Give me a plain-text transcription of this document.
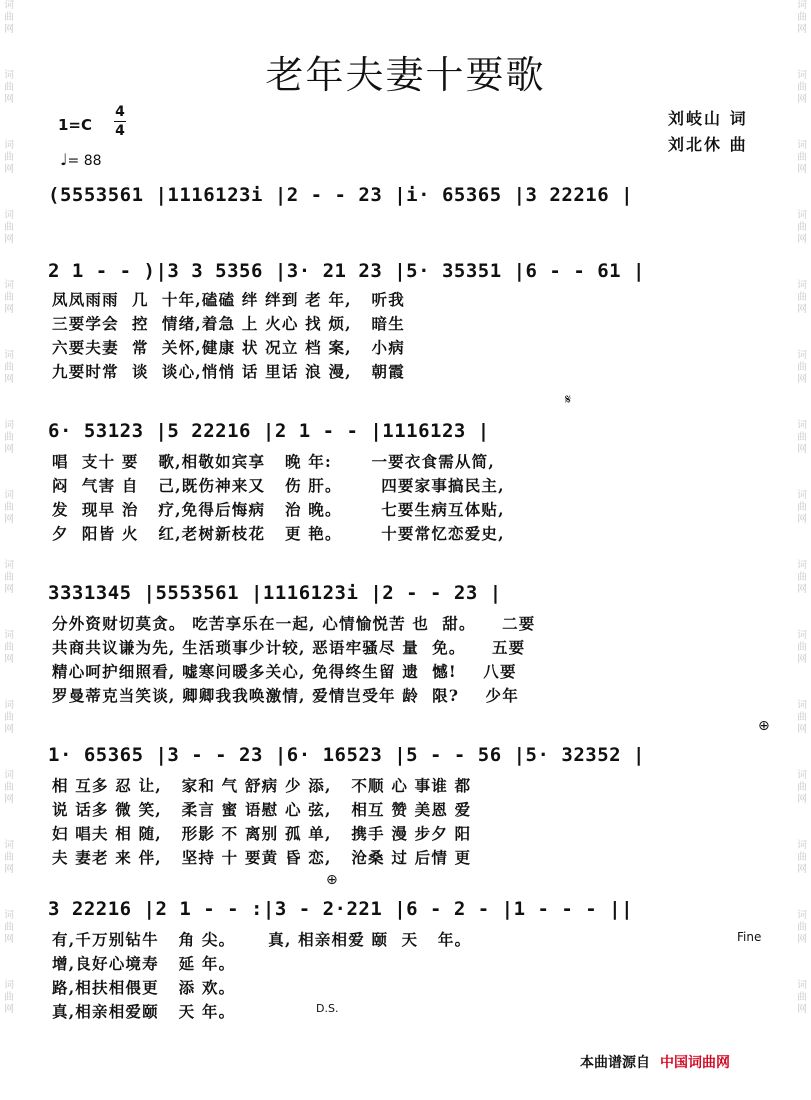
词曲网
词曲网
词曲网
词曲网
词曲网
词曲网
词曲网
词曲网
词曲网
词曲网
词曲网
词曲网
词曲网
词曲网
词曲网
词曲网
词曲网
词曲网
词曲网
词曲网
词曲网
词曲网
词曲网
词曲网
词曲网
词曲网
词曲网
词曲网
词曲网
词曲网
老年夫妻十要歌
1=C
4
4
♩= 88
刘岐山 词
刘北休 曲
(5553561 |1116123i |2 - - 23 |i· 65365 |3 22216 |
2 1 - - )|3 3 5356 |3· 21 23 |5· 35351 |6 - - 61 |
凤凤雨雨  几  十年,磕磕 绊 绊到 老 年,   听我
三要学会  控  情绪,着急 上 火心 找 烦,   暗生
六要夫妻  常  关怀,健康 状 况立 档 案,   小病
九要时常  谈  谈心,悄悄 话 里话 浪 漫,   朝霞
𝄋
6· 53123 |5 22216 |2 1 - - |1116123 |
唱  支十 要   歌,相敬如宾享   晚 年:      一要衣食需从简,
闷  气害 自   己,既伤神来又   伤 肝。      四要家事搞民主,
发  现早 治   疗,免得后悔病   治 晚。      七要生病互体贴,
夕  阳皆 火   红,老树新枝花   更 艳。      十要常忆恋爱史,
3331345 |5553561 |1116123i |2 - - 23 |
分外资财切莫贪。 吃苦享乐在一起, 心情愉悦苦 也  甜。    二要
共商共议谦为先, 生活琐事少计较, 恶语牢骚尽 量  免。    五要
精心呵护细照看, 嘘寒问暖多关心, 免得终生留 遗  憾!    八要
罗曼蒂克当笑谈, 卿卿我我唤激情, 爱情岂受年 龄  限?    少年
⊕
1· 65365 |3 - - 23 |6· 16523 |5 - - 56 |5· 32352 |
相 互多 忍 让,   家和 气 舒病 少 添,   不顺 心 事谁 都
说 话多 微 笑,   柔言 蜜 语慰 心 弦,   相互 赞 美恩 爱
妇 唱夫 相 随,   形影 不 离别 孤 单,   携手 漫 步夕 阳
夫 妻老 来 伴,   坚持 十 要黄 昏 恋,   沧桑 过 后情 更
⊕
3 22216 |2 1 - - :|3 - 2·221 |6 - 2 - |1 - - - ||
Fine
有,千万别钻牛   角 尖。     真, 相亲相爱 颐  天   年。
增,良好心境寿   延 年。
路,相扶相偎更   添 欢。
真,相亲相爱颐   天 年。	D.S.
本曲谱源自 中国词曲网
